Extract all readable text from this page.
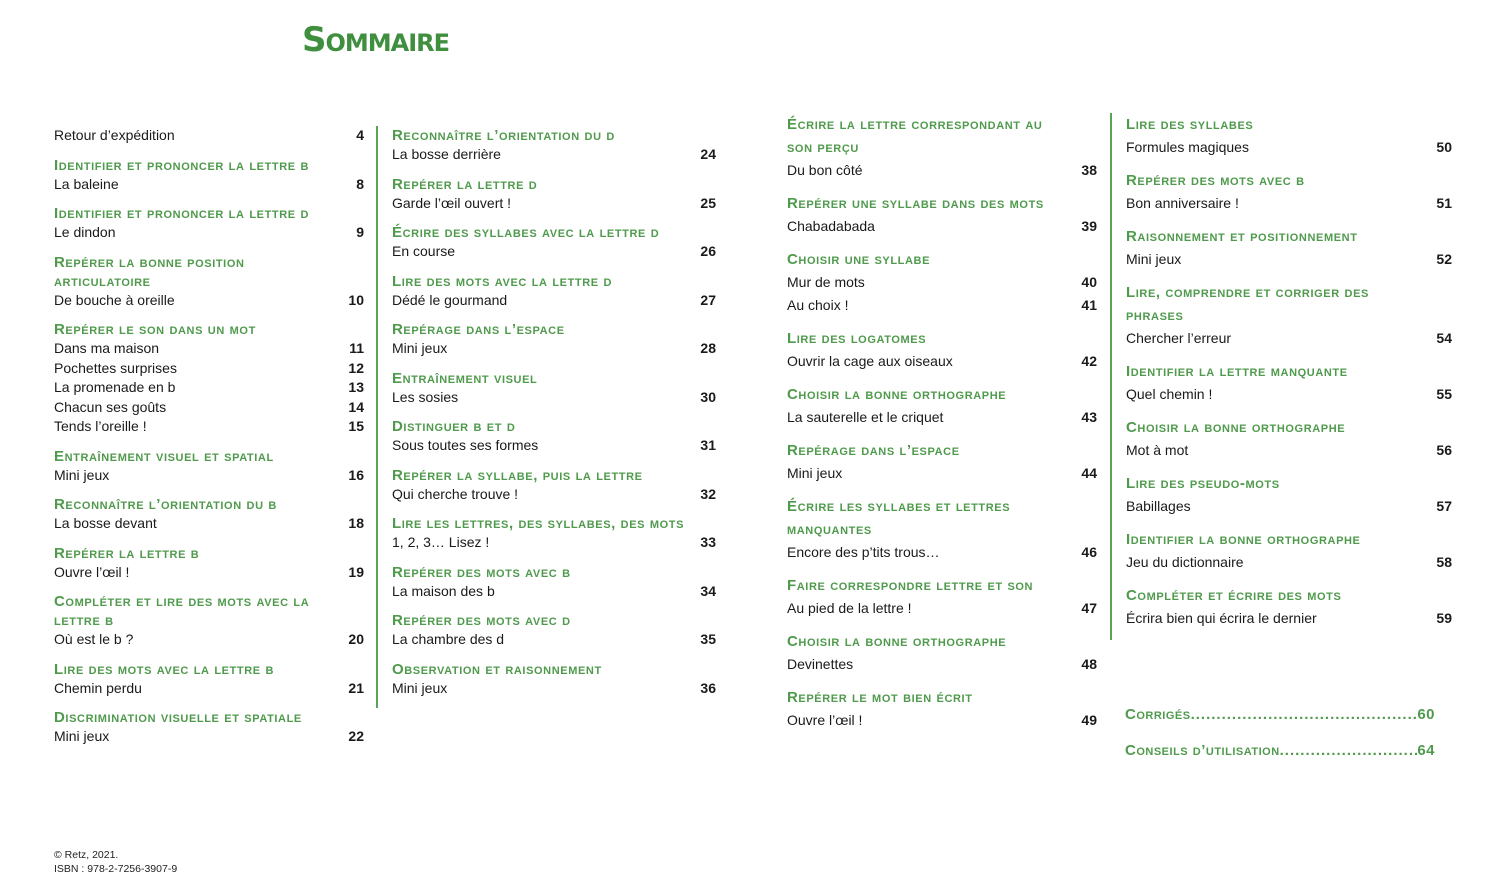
Sommaire
Retour d’expédition	4
Identifier et prononcer la lettre b
La baleine	8
Identifier et prononcer la lettre d
Le dindon	9
Repérer la bonne position articulatoire
De bouche à oreille	10
Repérer le son dans un mot
Dans ma maison	11
Pochettes surprises	12
La promenade en b	13
Chacun ses goûts	14
Tends l’oreille !	15
Entraînement visuel et spatial
Mini jeux	16
Reconnaître l’orientation du b
La bosse devant	18
Repérer la lettre b
Ouvre l’œil !	19
Compléter et lire des mots avec la lettre b
Où est le b ?	20
Lire des mots avec la lettre b
Chemin perdu	21
Discrimination visuelle et spatiale
Mini jeux	22
Reconnaître l’orientation du d
La bosse derrière	24
Repérer la lettre d
Garde l’œil ouvert !	25
Écrire des syllabes avec la lettre d
En course	26
Lire des mots avec la lettre d
Dédé le gourmand	27
Repérage dans l’espace
Mini jeux	28
Entraînement visuel
Les sosies	30
Distinguer b et d
Sous toutes ses formes	31
Repérer la syllabe, puis la lettre
Qui cherche trouve !	32
Lire les lettres, des syllabes, des mots
1, 2, 3… Lisez !	33
Repérer des mots avec b
La maison des b	34
Repérer des mots avec d
La chambre des d	35
Observation et raisonnement
Mini jeux	36
Écrire la lettre correspondant au son perçu
Du bon côté	38
Repérer une syllabe dans des mots
Chabadabada	39
Choisir une syllabe
Mur de mots	40
Au choix !	41
Lire des logatomes
Ouvrir la cage aux oiseaux	42
Choisir la bonne orthographe
La sauterelle et le criquet	43
Repérage dans l’espace
Mini jeux	44
Écrire les syllabes et lettres manquantes
Encore des p’tits trous…	46
Faire correspondre lettre et son
Au pied de la lettre !	47
Choisir la bonne orthographe
Devinettes	48
Repérer le mot bien écrit
Ouvre l’œil !	49
Lire des syllabes
Formules magiques	50
Repérer des mots avec b
Bon anniversaire !	51
Raisonnement et positionnement
Mini jeux	52
Lire, comprendre et corriger des phrases
Chercher l’erreur	54
Identifier la lettre manquante
Quel chemin !	55
Choisir la bonne orthographe
Mot à mot	56
Lire des pseudo-mots
Babillages	57
Identifier la bonne orthographe
Jeu du dictionnaire	58
Compléter et écrire des mots
Écrira bien qui écrira le dernier	59
Corrigés .....	60
Conseils d’utilisation .....	64
© Retz, 2021.
ISBN : 978-2-7256-3907-9
